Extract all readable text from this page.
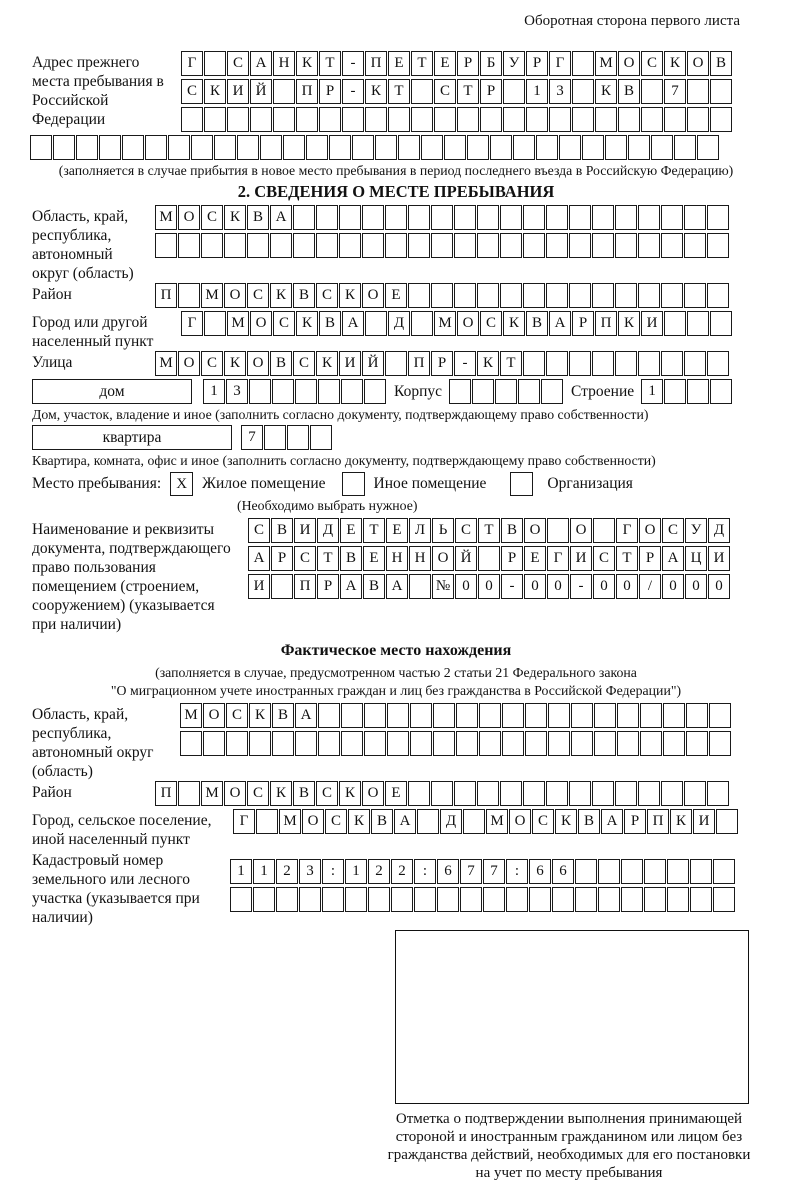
Оборотная сторона первого листа
Адрес прежнего места пребывания в Российской Федерации
Г	С А Н К Т	-	П Е Т Е Р Б У Р Г	М О С К О В
С К И Й	П Р	-	К Т	С Т Р	1	3	К В	7
(заполняется в случае прибытия в новое место пребывания в период последнего въезда в Российскую Федерацию)
2. СВЕДЕНИЯ О МЕСТЕ ПРЕБЫВАНИЯ
Область, край, республика, автономный округ (область)
М О С К В А
Район	П	М О С К В С К О Е
Город или другой населенный пункт
Г	М О С К В А	Д	М О С К В А Р П К И
Улица	М О С К О В С К И Й	П Р	-	К Т
дом	1	3	Корпус	Строение 1
Дом, участок, владение и иное (заполнить согласно документу, подтверждающему право собственности)
квартира	7
Квартира, комната, офис и иное (заполнить согласно документу, подтверждающему право собственности)
Место пребывания:	Х Жилое помещение	Иное помещение	Организация
(Необходимо выбрать нужное)
Наименование и реквизиты документа, подтверждающего право пользования помещением (строением, сооружением) (указывается при наличии)
С В И Д Е Т Е Л Ь С Т В О	О	Г О С У Д
А Р С Т В Е Н Н О Й	Р Е Г И С Т Р А Ц И
И	П Р А В А	№ 0	0	-	0	0	-	0	0	/	0	0	0
Фактическое место нахождения
(заполняется в случае, предусмотренном частью 2 статьи 21 Федерального закона
"О миграционном учете иностранных граждан и лиц без гражданства в Российской Федерации")
Область, край, республика, автономный округ (область)
М О С К В А
Район	П	М О С К В С К О Е
Город, сельское поселение, иной населенный пункт
Г	М О С К В А	Д	М О С К В А Р П К И
Кадастровый номер земельного или лесного участка (указывается при наличии)
1	1	2	3	:	1	2	2	:	6	7	7	:	6	6
Отметка о подтверждении выполнения принимающей
стороной и иностранным гражданином или лицом без
гражданства действий, необходимых для его постановки
на учет по месту пребывания
